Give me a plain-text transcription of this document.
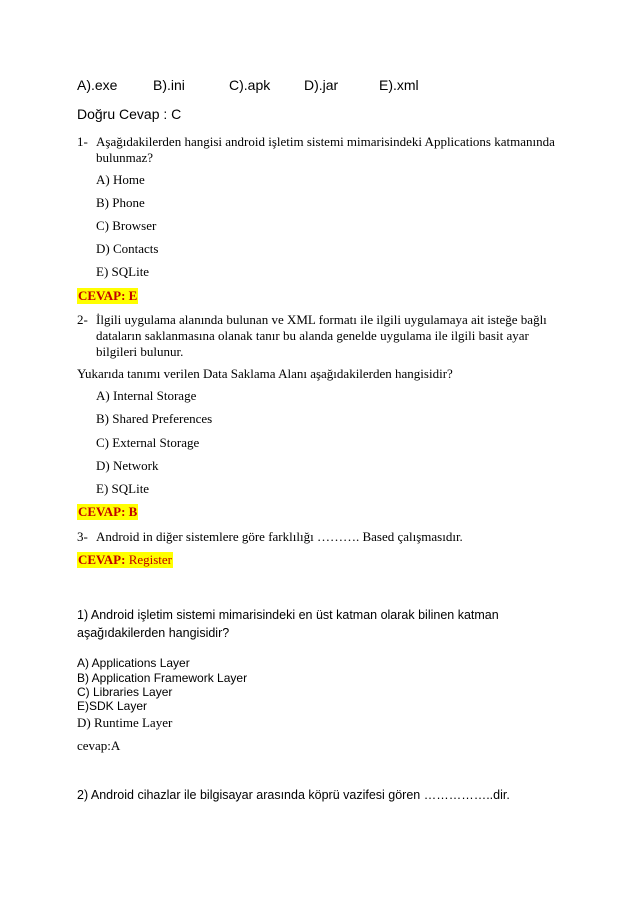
A).exe	B).ini	C).apk D).jar	E).xml
Doğru Cevap : C
1- Aşağıdakilerden hangisi android işletim sistemi mimarisindeki Applications katmanında
bulunmaz?
A) Home
B) Phone
C) Browser
D) Contacts
E) SQLite
CEVAP: E
2- İlgili uygulama alanında bulunan ve XML formatı ile ilgili uygulamaya ait isteğe bağlı
dataların saklanmasına olanak tanır bu alanda genelde uygulama ile ilgili basit ayar
bilgileri bulunur.
Yukarıda tanımı verilen Data Saklama Alanı aşağıdakilerden hangisidir?
A) Internal Storage
B) Shared Preferences
C) External Storage
D) Network
E) SQLite
CEVAP: B
3- Android in diğer sistemlere göre farklılığı ………. Based çalışmasıdır.
CEVAP: Register
1) Android işletim sistemi mimarisindeki en üst katman olarak bilinen katman
aşağıdakilerden hangisidir?
A) Applications Layer
B) Application Framework Layer
C) Libraries Layer
E)SDK Layer
D) Runtime Layer
cevap:A
2) Android cihazlar ile bilgisayar arasında köprü vazifesi gören ……………..dir.
